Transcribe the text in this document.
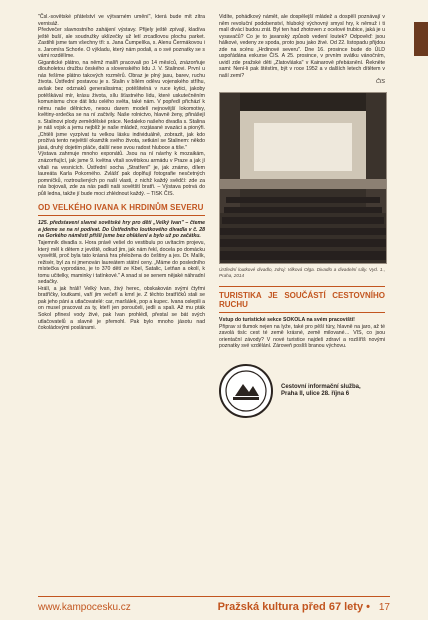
"Čsl.-sovětské přátelství ve výtvarném umění", která bude mít zítra vernisáž.

Předvečer slavnostního zahájení výstavy. Přijely ještě zpívají, kladíva ještě buší, ale soudružky uklízečky už letí zrcadlovou plochu parket. Zastihli jsme tam všechny tři: s. Jana Čumpelíka, s. Alenu Čermákovou i s. Jaromíra Schorle. O výkladu, který nám podali, a o své poznatky se s vámi rozdělíme.

Gigantické plátno, na němž malíři pracovali po 14 měsíců, znázorňuje dlouholetou družbu českého a slovenského lidu J. V. Stalinovi. První u nás řešíme plátno takových rozměrů. Obraz je plný jasu, barev, ruchu života. Ústřední postavou je s. Stalin v bílém oděvu vojenského stříhu, avšak bez odznaků generalissima; potěšitelná v ruce kytici, jakoby potěškával mír, krásu života, sílu šťastného lidu, které uskutečněním komunismu chce dát lidu celého světa, také nám. V popředí přichází k němu naše dělnictvo, nesou darem modelí nejnovější lokomotivy, květiny-srdečka se na ní začtvily. Naše rolnictvo, hlavně ženy, přinášejí s. Stalinovi plody zemědělské práce. Nedaleko našeho divadla s. Stalina je náš vojsk a jemu nejblíž je naše mládež, rozjásané svazáci a pionýři. „Chtěli jsme vyzpívat tu velkou lásku individuálně, zobrazit, jak kdo prožívá tento největší okamžik svého života, setkání se Stalinem: někdo jásá, druhý dojetím pláče, další nese svou radost hluboce a tiše."

Výstava zahrnuje mnoho exponátů. Jsou na ní návrhy k mozaikám, znázorňující, jak jsme 9. května vítali sovětskou armádu v Praze a jak jí vítali na vesnicích. Ústřední socha „Stratření" je, jak známo, dílem laureáta Karla Pokorného. Zvlášť pak doplňují fotografie nesčetných pomníčků, roztroušených po naší vlasti, z nichž každý svědčí: zde za nás bojovali, zde za nás padli naši sovětští bratři. – Výstava potrvá do půli ledna, takže jí bude moci zhlédnout každý. – TISK ČIS.

OD VELKÉHO IVANA K HRDINŮM SEVERU

125. představení slavné sovětské hry pro děti „Velký Ivan" – čteme a jdeme se na ni podívat. Do Ústředního loutkového divadla v č. 28 na Gorkého náměstí přišli jsme bez ohlášení a bylo už po začátku.

Tajemník divadla s. Hora právě vešel do vestibulu po uvítacím projevu, který měl k dětem z jeviště, odkud jim, jak nám řekl, docela po domácku vysvětlil, proč byla tato krásná hra přeložena do češtiny a jes. Dr. Malík, režisér, byl za ni jmenován laureátem státní ceny. „Máme do posledního místečka vyprodáno, je to 370 dětí ze Kbel, Satalic, Letňan a okolí, k tomu učitelky, maminky i tatínkové." A snad si se senem nějaké náhradní sedačky.

Hrálí, a jak hrálí! Velký Ivan, živý herec, obskakován svými čtyřmi bratříčky, loutkami, vaří jim večeří a kmrl je. Z těchto bratříčků stali se pak jeho páni a utlačovatelé: car, maršálek, pop a kupec. Ivana oslepili a on musel pracovat za ty, kteří jen poroučeli, jedli a spali. Až mu pták Sokol přinesl vody živé, pak Ivan prohlédl, přestal se bát svých utlačovatelů a slavně je přemohl. Pak bylo mnoho jásotu nad čokoládovými poslánami.

Vidíte, pohádkový námět, ale dospělejší mládež a dospělí poznávají v něm revoluční podobenství, hluboký výchovný smysl hry, k němuž i ti malí divácí budou zrát. Byl ten had zhotoven z ocelové trubice, jaká je u vysavačů? Co je to javanský způsob vedení loutek? Odpověď: jsou hálkové, vedeny ze spoda, proto jsou jako živé. Od 22. listopadu přijdou zde na scénu „Hrdinové severu". Dne 16. prosince bude do ÚLD uspořádána exkurse ČIS. A 25. prosince, v prvním svátku vánočním, uvidí zde pražské děti „Zlatovláska" v Kainarově přebásnění. Řekněte sami: Není-li pak štěstím, být v roce 1952 a v dalších letech dítětem v naší zemi?

ČIS
Ústřední loutkové divadlo, zdroj: Vilková Olga. Divadlo a divadelní sály. Vyd. 1., Praha, 2014
TURISTIKA JE SOUČÁSTÍ CESTOVNÍHO RUCHU

Vstup do turistické sekce SOKOLA na svém pracovišti!

Připrav si tlumok nejen na lyže, také pro pěší túry, hlavně na jaro, až té zavolá tisíc cest té země krásné, země milované… VIS, co jsou orientační závody? V nové turistice najdeš zdraví a rozšíříš novými poznatky své vzdělání. Zároveň poslíš branou výchovu.

Cestovní informační služba,
Praha II, ulice 28. října 6
www.kampocesku.cz	Pražská kultura před 67 lety • 17
